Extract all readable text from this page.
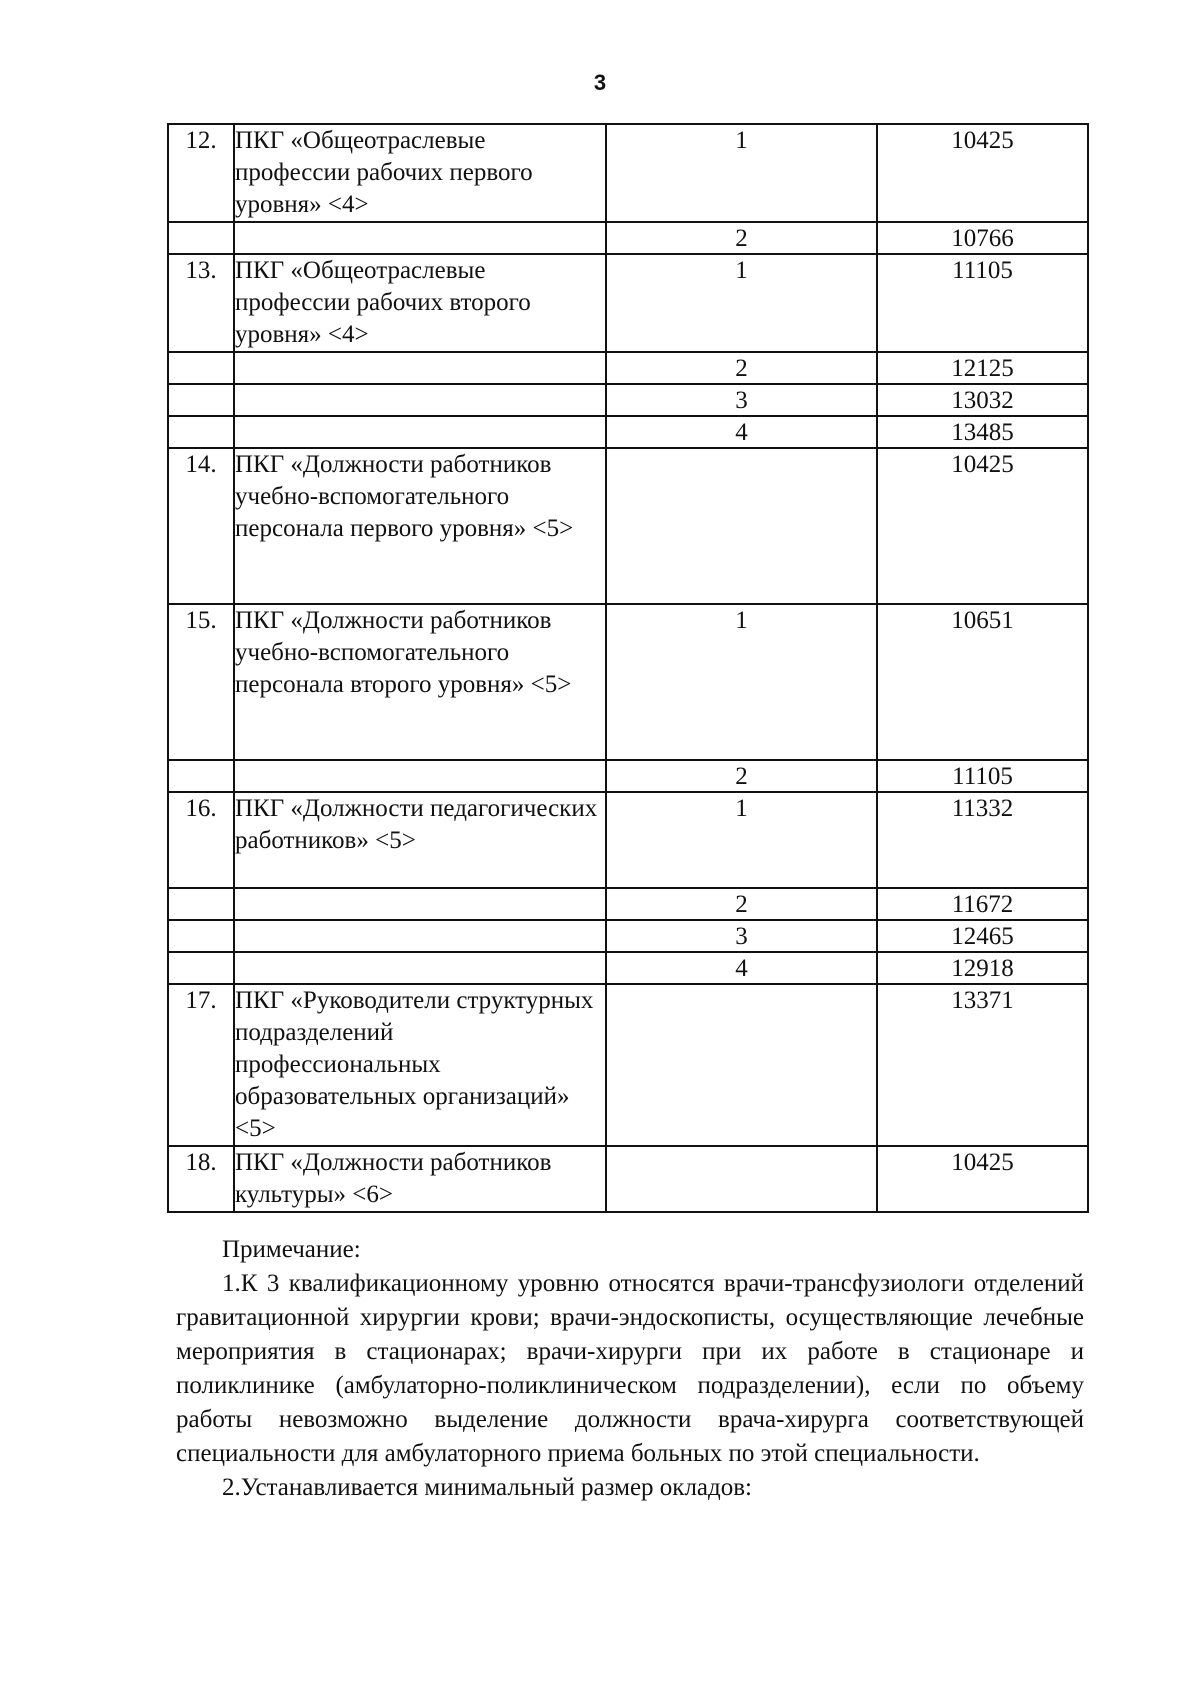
3
12.	ПКГ «Общеотраслевые профессии рабочих первого уровня» <4>	1	10425
		2	10766
13.	ПКГ «Общеотраслевые профессии рабочих второго уровня» <4>	1	11105
		2	12125
		3	13032
		4	13485
14.	ПКГ «Должности работников учебно-вспомогательного персонала первого уровня» <5>		10425
15.	ПКГ «Должности работников учебно-вспомогательного персонала второго уровня» <5>	1	10651
		2	11105
16.	ПКГ «Должности педагогических работников» <5>	1	11332
		2	11672
		3	12465
		4	12918
17.	ПКГ «Руководители структурных подразделений профессиональных образовательных организаций» <5>		13371
18.	ПКГ «Должности работников культуры» <6>		10425

Примечание:

1.К 3 квалификационному уровню относятся врачи-трансфузиологи отделений гравитационной хирургии крови; врачи-эндоскописты, осуществляющие лечебные мероприятия в стационарах; врачи-хирурги при их работе в стационаре и поликлинике (амбулаторно-поликлиническом подразделении), если по объему работы невозможно выделение должности врача-хирурга соответствующей специальности для амбулаторного приема больных по этой специальности.

2.Устанавливается минимальный размер окладов:
